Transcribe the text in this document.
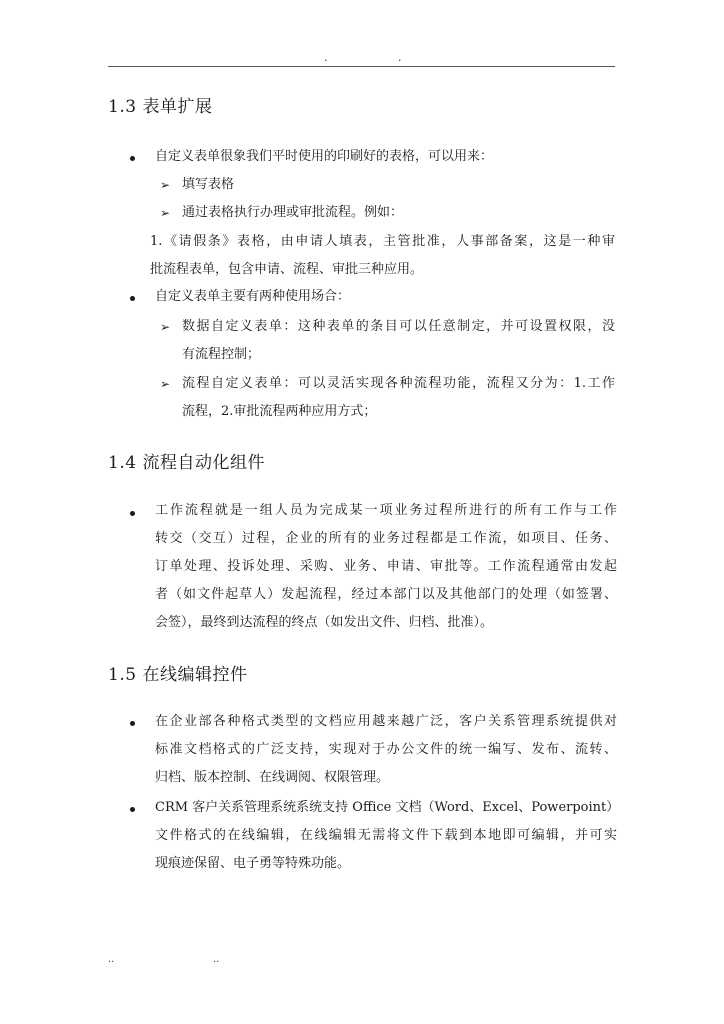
.	.
1.3 表单扩展
自定义表单很象我们平时使用的印刷好的表格，可以用来：
➢ 填写表格
➢ 通过表格执行办理或审批流程。例如：
1.《请假条》表格，由申请人填表，主管批准，人事部备案，这是一种审
批流程表单，包含申请、流程、审批三种应用。
自定义表单主要有两种使用场合：
➢ 数据自定义表单：这种表单的条目可以任意制定，并可设置权限，没
有流程控制；
➢ 流程自定义表单：可以灵活实现各种流程功能，流程又分为：1.工作
流程，2.审批流程两种应用方式；
1.4 流程自动化组件
工作流程就是一组人员为完成某一项业务过程所进行的所有工作与工作
转交（交互）过程，企业的所有的业务过程都是工作流，如项目、任务、
订单处理、投诉处理、采购、业务、申请、审批等。工作流程通常由发起
者（如文件起草人）发起流程，经过本部门以及其他部门的处理（如签署、
会签），最终到达流程的终点（如发出文件、归档、批准）。
1.5 在线编辑控件
在企业部各种格式类型的文档应用越来越广泛，客户关系管理系统提供对
标准文档格式的广泛支持，实现对于办公文件的统一编写、发布、流转、
归档、版本控制、在线调阅、权限管理。
CRM 客户关系管理系统系统支持 Office 文档（Word、Excel、Powerpoint）
文件格式的在线编辑，在线编辑无需将文件下载到本地即可编辑，并可实
现痕迹保留、电子勇等特殊功能。
..	..
